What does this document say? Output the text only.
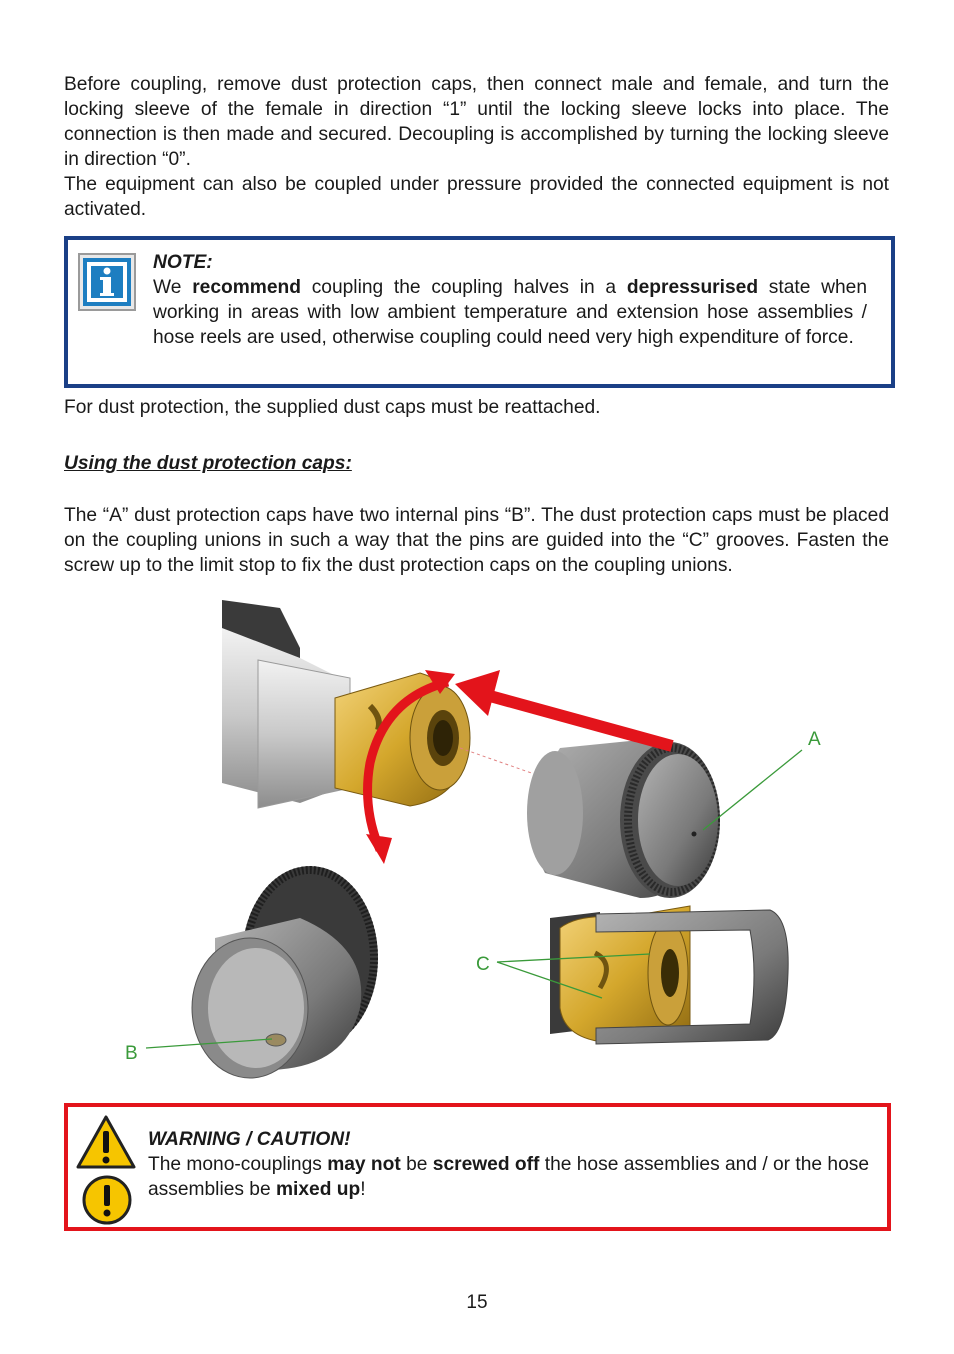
Before coupling, remove dust protection caps, then connect male and female, and turn the locking sleeve of the female in direction “1” until the locking sleeve locks into place. The connection is then made and secured. Decoupling is accomplished by turning the locking sleeve in direction “0”.

The equipment can also be coupled under pressure provided the connected equipment is not activated.

NOTE:
We recommend coupling the coupling halves in a depressurised state when working in areas with low ambient temperature and extension hose assemblies / hose reels are used, otherwise coupling could need very high expenditure of force.

For dust protection, the supplied dust caps must be reattached.

Using the dust protection caps:

The “A” dust protection caps have two internal pins “B”. The dust protection caps must be placed on the coupling unions in such a way that the pins are guided into the “C” grooves. Fasten the screw up to the limit stop to fix the dust protection caps on the coupling unions.

A
C
B

WARNING / CAUTION!
The mono-couplings may not be screwed off the hose assemblies and / or the hose assemblies be mixed up!

15
